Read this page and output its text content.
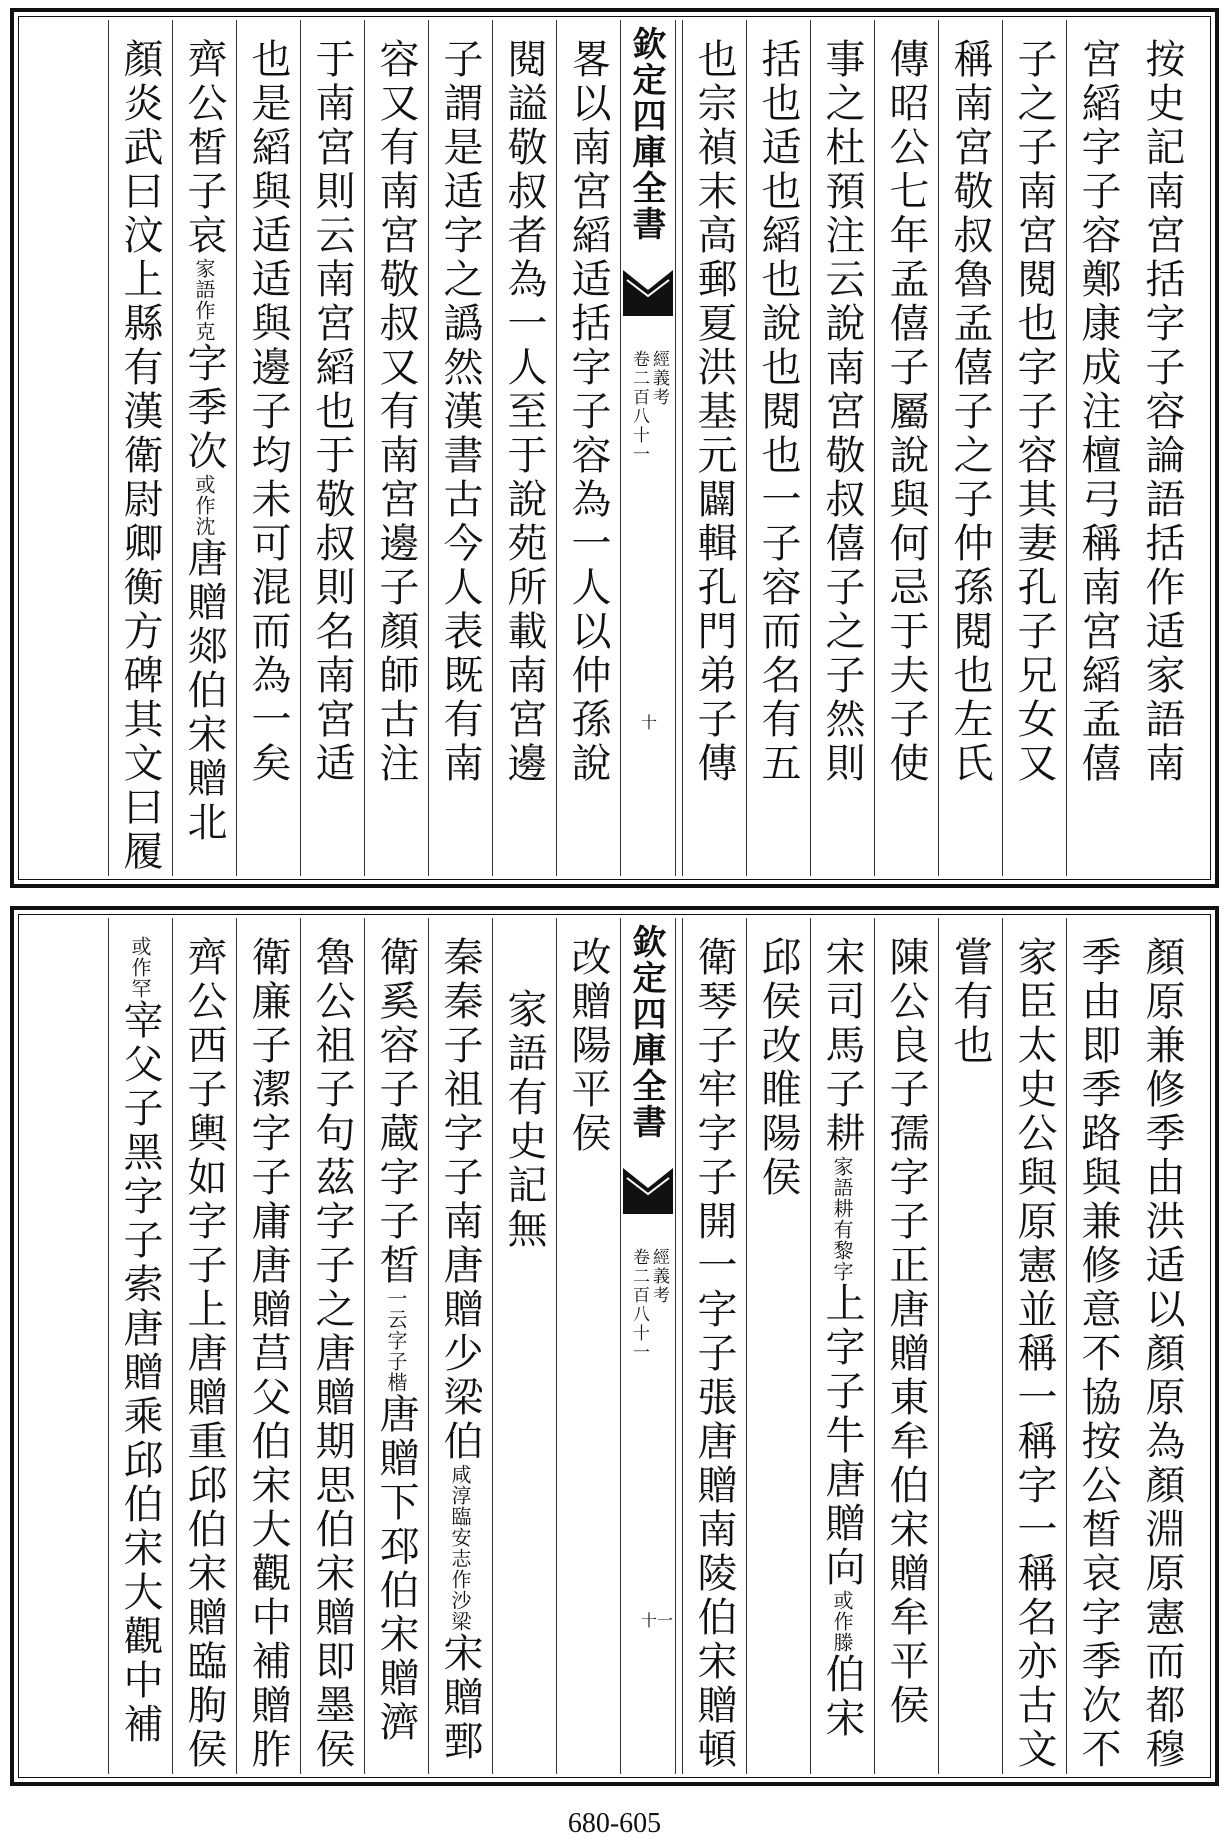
按史記南宮括字子容論語括作适家語南
宮縚字子容鄭康成注檀弓稱南宮縚孟僖
子之子南宮閱也字子容其妻孔子兄女又
稱南宮敬叔魯孟僖子之子仲孫閱也左氏
傳昭公七年孟僖子屬說與何忌于夫子使
事之杜預注云說南宮敬叔僖子之子然則
括也适也縚也說也閱也一子容而名有五
也宗禎末高郵夏洪基元闢輯孔門弟子傳
欽定四庫全書
經義考
卷二百八十一
十
畧以南宮縚适括字子容為一人以仲孫說
閱謚敬叔者為一人至于說苑所載南宮邊
子謂是适字之譌然漢書古今人表既有南
容又有南宮敬叔又有南宮邊子顏師古注
于南宮則云南宮縚也于敬叔則名南宮适
也是縚與适适與邊子均未可混而為一矣
齊公皙子哀家語作克字季次或作沈唐贈郯伯宋贈北
顏炎武曰汶上縣有漢衛尉卿衡方碑其文曰履
顏原兼修季由洪适以顏原為顏淵原憲而都穆
季由即季路與兼修意不協按公皙哀字季次不
家臣太史公與原憲並稱一稱字一稱名亦古文
嘗有也
陳公良子孺字子正唐贈東牟伯宋贈牟平侯
宋司馬子耕家語耕有黎字上字子牛唐贈向或作滕伯宋
邱侯改睢陽侯
衛琴子牢字子開一字子張唐贈南陵伯宋贈頓
欽定四庫全書
經義考
卷二百八十一
十一
改贈陽平侯
家語有史記無
秦秦子祖字子南唐贈少梁伯咸淳臨安志作沙梁宋贈鄄
衛奚容子蔵字子皙一云字子楷唐贈下邳伯宋贈濟
魯公祖子句茲字子之唐贈期思伯宋贈即墨侯
衛廉子潔字子庸唐贈莒父伯宋大觀中補贈胙
齊公西子輿如字子上唐贈重邱伯宋贈臨朐侯
或作罕宰父子黑字子索唐贈乘邱伯宋大觀中補
680-605
